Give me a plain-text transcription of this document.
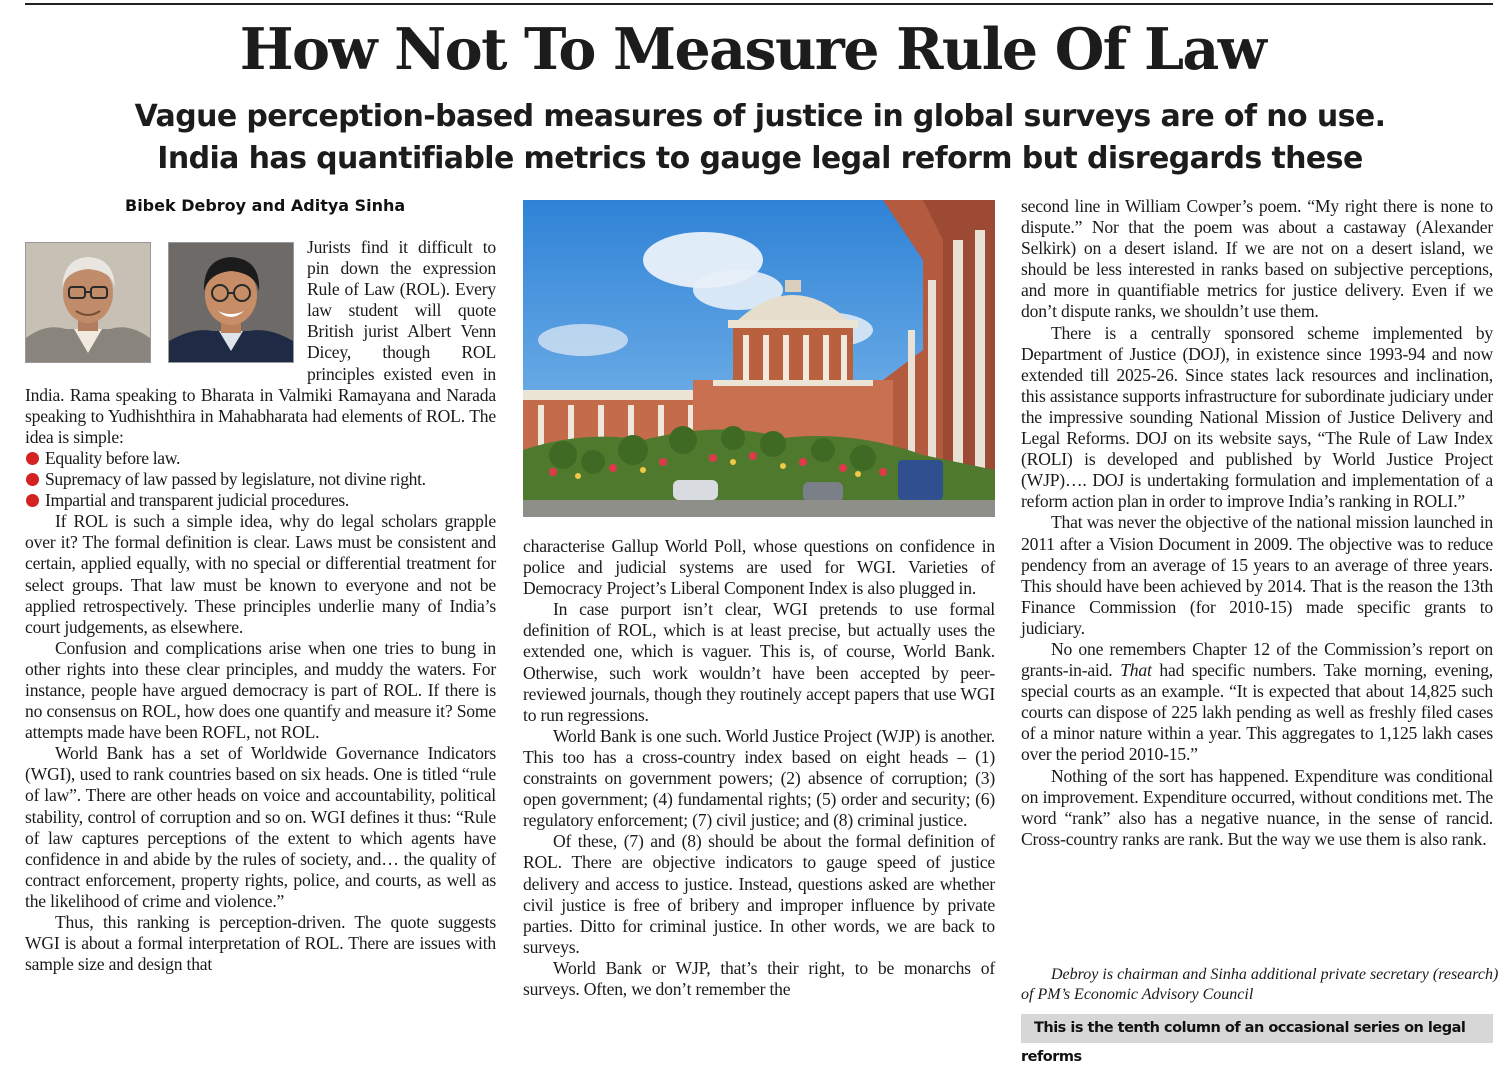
How Not To Measure Rule Of Law
Vague perception-based measures of justice in global surveys are of no use.
India has quantifiable metrics to gauge legal reform but disregards these
Bibek Debroy and Aditya Sinha

Jurists find it difficult to pin down the expression Rule of Law (ROL). Every law student will quote British jurist Albert Venn Dicey, though ROL principles existed even in India. Rama speaking to Bharata in Valmiki Ramayana and Narada speaking to Yudhishthira in Mahabharata had elements of ROL. The idea is simple:

Equality before law.
Supremacy of law passed by legislature, not divine right.
Impartial and transparent judicial procedures.

If ROL is such a simple idea, why do legal scholars grapple over it? The formal definition is clear. Laws must be consistent and certain, applied equally, with no special or differential treatment for select groups. That law must be known to everyone and not be applied retrospectively. These principles underlie many of India’s court judgements, as elsewhere.

Confusion and complications arise when one tries to bung in other rights into these clear principles, and muddy the waters. For instance, people have argued democracy is part of ROL. If there is no consensus on ROL, how does one quantify and measure it? Some attempts made have been ROFL, not ROL.

World Bank has a set of Worldwide Governance Indicators (WGI), used to rank countries based on six heads. One is titled “rule of law”. There are other heads on voice and accountability, political stability, control of corruption and so on. WGI defines it thus: “Rule of law captures perceptions of the extent to which agents have confidence in and abide by the rules of society, and… the quality of contract enforcement, property rights, police, and courts, as well as the likelihood of crime and violence.”

Thus, this ranking is perception-driven. The quote suggests WGI is about a formal interpretation of ROL. There are issues with sample size and design that

characterise Gallup World Poll, whose questions on confidence in police and judicial systems are used for WGI. Varieties of Democracy Project’s Liberal Component Index is also plugged in.

In case purport isn’t clear, WGI pretends to use formal definition of ROL, which is at least precise, but actually uses the extended one, which is vaguer. This is, of course, World Bank. Otherwise, such work wouldn’t have been accepted by peer-reviewed journals, though they routinely accept papers that use WGI to run regressions.

World Bank is one such. World Justice Project (WJP) is another. This too has a cross-country index based on eight heads – (1) constraints on government powers; (2) absence of corruption; (3) open government; (4) fundamental rights; (5) order and security; (6) regulatory enforcement; (7) civil justice; and (8) criminal justice.

Of these, (7) and (8) should be about the formal definition of ROL. There are objective indicators to gauge speed of justice delivery and access to justice. Instead, questions asked are whether civil justice is free of bribery and improper influence by private parties. Ditto for criminal justice. In other words, we are back to surveys.

World Bank or WJP, that’s their right, to be monarchs of surveys. Often, we don’t remember the

second line in William Cowper’s poem. “My right there is none to dispute.” Nor that the poem was about a castaway (Alexander Selkirk) on a desert island. If we are not on a desert island, we should be less interested in ranks based on subjective perceptions, and more in quantifiable metrics for justice delivery. Even if we don’t dispute ranks, we shouldn’t use them.

There is a centrally sponsored scheme implemented by Department of Justice (DOJ), in existence since 1993-94 and now extended till 2025-26. Since states lack resources and inclination, this assistance supports infrastructure for subordinate judiciary under the impressive sounding National Mission of Justice Delivery and Legal Reforms. DOJ on its website says, “The Rule of Law Index (ROLI) is developed and published by World Justice Project (WJP)…. DOJ is undertaking formulation and implementation of a reform action plan in order to improve India’s ranking in ROLI.”

That was never the objective of the national mission launched in 2011 after a Vision Document in 2009. The objective was to reduce pendency from an average of 15 years to an average of three years. This should have been achieved by 2014. That is the reason the 13th Finance Commission (for 2010-15) made specific grants to judiciary.

No one remembers Chapter 12 of the Commission’s report on grants-in-aid. That had specific numbers. Take morning, evening, special courts as an example. “It is expected that about 14,825 such courts can dispose of 225 lakh pending as well as freshly filed cases of a minor nature within a year. This aggregates to 1,125 lakh cases over the period 2010-15.”

Nothing of the sort has happened. Expenditure was conditional on improvement. Expenditure occurred, without conditions met. The word “rank” also has a negative nuance, in the sense of rancid. Cross-country ranks are rank. But the way we use them is also rank.

Debroy is chairman and Sinha additional private secretary (research) of PM’s Economic Advisory Council
This is the tenth column of an occasional series on legal reforms
